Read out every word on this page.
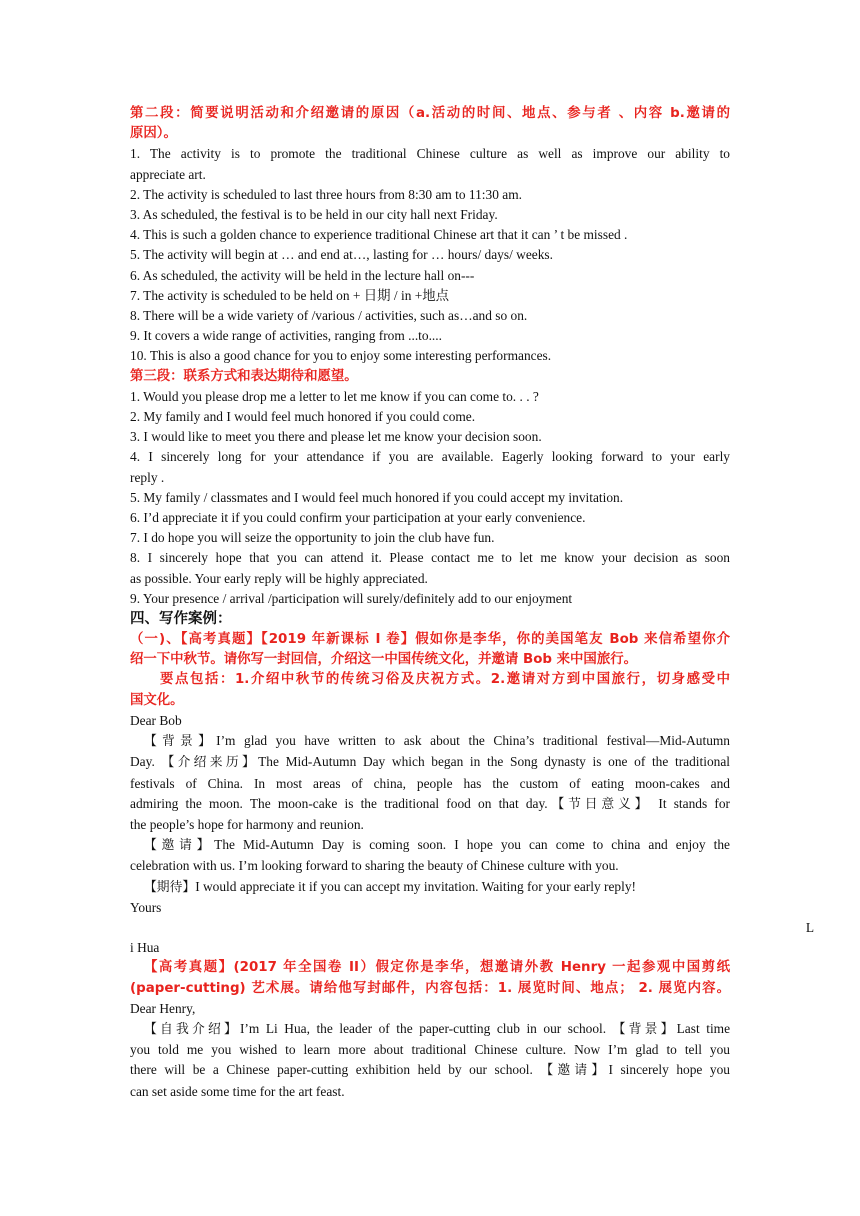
第二段：简要说明活动和介绍邀请的原因（a.活动的时间、地点、参与者 、内容 b.邀请的
原因）。
1. The activity is to promote the traditional Chinese culture as well as improve our ability to
appreciate art.
2. The activity is scheduled to last three hours from 8:30 am to 11:30 am.
3. As scheduled, the festival is to be held in our city hall next Friday.
4. This is such a golden chance to experience traditional Chinese art that it can ’ t be missed .
5. The activity will begin at … and end at…, lasting for … hours/ days/ weeks.
6. As scheduled, the activity will be held in the lecture hall on---
7. The activity is scheduled to be held on + 日期 / in +地点
8. There will be a wide variety of /various / activities, such as…and so on.
9. It covers a wide range of activities, ranging from ...to....
10. This is also a good chance for you to enjoy some interesting performances.
第三段：联系方式和表达期待和愿望。
1. Would you please drop me a letter to let me know if you can come to. . . ?
2. My family and I would feel much honored if you could come.
3. I would like to meet you there and please let me know your decision soon.
4. I sincerely long for your attendance if you are available. Eagerly looking forward to your early
reply .
5. My family / classmates and I would feel much honored if you could accept my invitation.
6. I’d appreciate it if you could confirm your participation at your early convenience.
7. I do hope you will seize the opportunity to join the club have fun.
8. I sincerely hope that you can attend it. Please contact me to let me know your decision as soon
as possible. Your early reply will be highly appreciated.
9. Your presence / arrival /participation will surely/definitely add to our enjoyment
四、写作案例：
（一)、【高考真题】【2019 年新课标 I 卷】假如你是李华，你的美国笔友 Bob 来信希望你介
绍一下中秋节。请你写一封回信，介绍这一中国传统文化，并邀请 Bob 来中国旅行。
要点包括：1.介绍中秋节的传统习俗及庆祝方式。2.邀请对方到中国旅行，切身感受中
国文化。
Dear Bob
【背景】I’m glad you have written to ask about the China’s traditional festival—Mid-Autumn
Day. 【介绍来历】The Mid-Autumn Day which began in the Song dynasty is one of the traditional
festivals of China. In most areas of china, people has the custom of eating moon-cakes and
admiring the moon. The moon-cake is the traditional food on that day.【节日意义】 It stands for
the people’s hope for harmony and reunion.
【邀请】The Mid-Autumn Day is coming soon. I hope you can come to china and enjoy the
celebration with us. I’m looking forward to sharing the beauty of Chinese culture with you.
【期待】I would appreciate it if you can accept my invitation. Waiting for your early reply!
Yours
L
i Hua
【高考真题】(2017 年全国卷 II）假定你是李华，想邀请外教 Henry 一起参观中国剪纸
(paper-cutting) 艺术展。请给他写封邮件，内容包括：1. 展览时间、地点； 2. 展览内容。
Dear Henry,
【自我介绍】I’m Li Hua, the leader of the paper-cutting club in our school. 【背景】Last time
you told me you wished to learn more about traditional Chinese culture. Now I’m glad to tell you
there will be a Chinese paper-cutting exhibition held by our school. 【邀请】I sincerely hope you
can set aside some time for the art feast.
